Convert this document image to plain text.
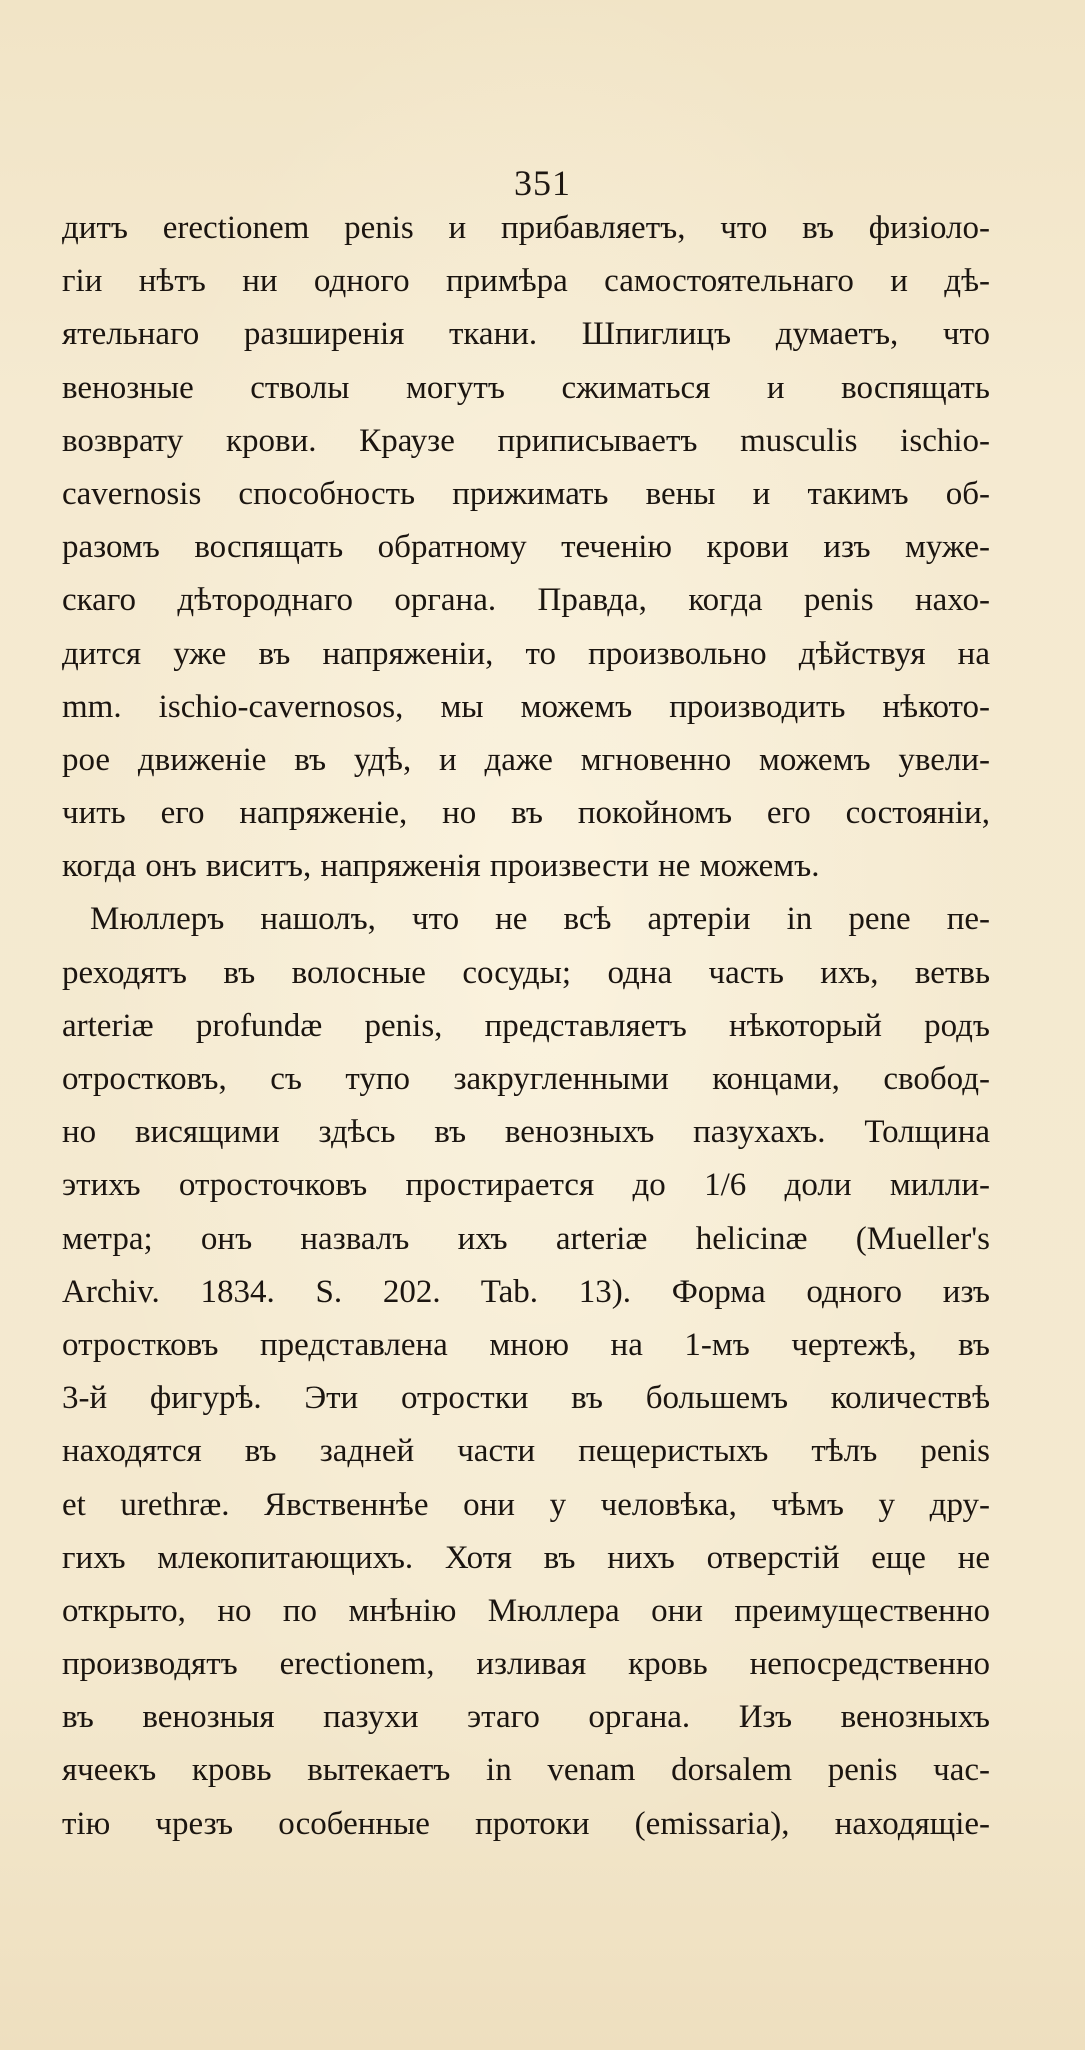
351
дитъ erectionem penis и прибавляетъ, что въ физіоло-
гіи нѣтъ ни одного примѣра самостоятельнаго и дѣ-
ятельнаго разширенія ткани. Шпиглицъ думаетъ, что
венозные стволы могутъ сжиматься и воспящать
возврату крови. Краузе приписываетъ musculis ischio-
cavernosis способность прижимать вены и такимъ об-
разомъ воспящать обратному теченію крови изъ муже-
скаго дѣтороднаго органа. Правда, когда penis нахо-
дится уже въ напряженіи, то произвольно дѣйствуя на
mm. ischio-cavernosos, мы можемъ производить нѣкото-
рое движеніе въ удѣ, и даже мгновенно можемъ увели-
чить его напряженіе, но въ покойномъ его состояніи,
когда онъ виситъ, напряженія произвести не можемъ.
Мюллеръ нашолъ, что не всѣ артеріи in pene пе-
реходятъ въ волосные сосуды; одна часть ихъ, ветвь
arteriæ profundæ penis, представляетъ нѣкоторый родъ
отростковъ, съ тупо закругленными концами, свобод-
но висящими здѣсь въ венозныхъ пазухахъ. Толщина
этихъ отросточковъ простирается до 1/6 доли милли-
метра; онъ назвалъ ихъ arteriæ helicinæ (Mueller's
Archiv. 1834. S. 202. Tab. 13). Форма одного изъ
отростковъ представлена мною на 1-мъ чертежѣ, въ
3-й фигурѣ. Эти отростки въ большемъ количествѣ
находятся въ задней части пещеристыхъ тѣлъ penis
et urethræ. Явственнѣе они у человѣка, чѣмъ у дру-
гихъ млекопитающихъ. Хотя въ нихъ отверстій еще не
открыто, но по мнѣнію Мюллера они преимущественно
производятъ erectionem, изливая кровь непосредственно
въ венозныя пазухи этаго органа. Изъ венозныхъ
ячеекъ кровь вытекаетъ in venam dorsalem penis час-
тію чрезъ особенные протоки (emissaria), находящіе-
